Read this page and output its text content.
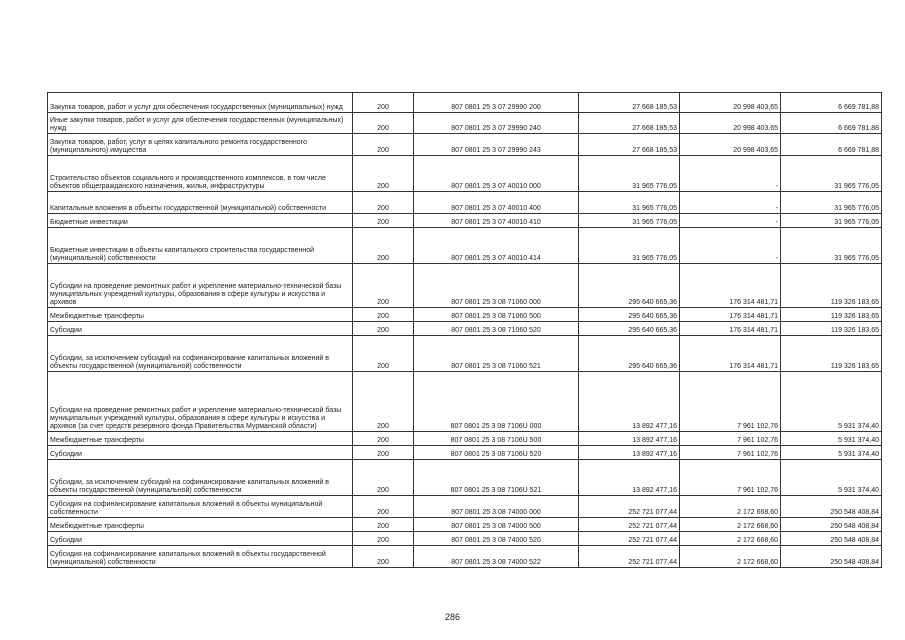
Закупка товаров, работ и услуг для обеспечения государственных (муниципальных) нужд	200	807 0801 25 3 07 29990 200	27 668 185,53	20 998 403,65	6 669 781,88
Иные закупки товаров, работ и услуг для обеспечения государственных (муниципальных) нужд	200	807 0801 25 3 07 29990 240	27 668 185,53	20 998 403,65	6 669 781,88
Закупка товаров, работ, услуг в целях капитального ремонта государственного (муниципального) имущества	200	807 0801 25 3 07 29990 243	27 668 185,53	20 998 403,65	6 669 781,88
Строительство объектов социального и производственного комплексов, в том числе объектов общегражданского назначения, жилья, инфраструктуры	200	807 0801 25 3 07 40010 000	31 965 776,05	-	31 965 776,05
Капитальные вложения в объекты государственной (муниципальной) собственности	200	807 0801 25 3 07 40010 400	31 965 776,05	-	31 965 776,05
Бюджетные инвестиции	200	807 0801 25 3 07 40010 410	31 965 776,05	-	31 965 776,05
Бюджетные инвестиции в объекты капитального строительства государственной (муниципальной) собственности	200	807 0801 25 3 07 40010 414	31 965 776,05	-	31 965 776,05
Субсидии на проведение ремонтных работ и укрепление материально-технической базы муниципальных учреждений культуры, образования в сфере культуры и искусства и архивов	200	807 0801 25 3 08 71060 000	295 640 665,36	176 314 481,71	119 326 183,65
Межбюджетные трансферты	200	807 0801 25 3 08 71060 500	295 640 665,36	176 314 481,71	119 326 183,65
Субсидии	200	807 0801 25 3 08 71060 520	295 640 665,36	176 314 481,71	119 326 183,65
Субсидии, за исключением субсидий на софинансирование капитальных вложений в объекты государственной (муниципальной) собственности	200	807 0801 25 3 08 71060 521	295 640 665,36	176 314 481,71	119 326 183,65
Субсидии на проведение ремонтных работ и укрепление материально-технической базы муниципальных учреждений культуры, образования в сфере культуры и искусства и архивов (за счет средств резервного фонда Правительства Мурманской области)	200	807 0801 25 3 08 7106U 000	13 892 477,16	7 961 102,76	5 931 374,40
Межбюджетные трансферты	200	807 0801 25 3 08 7106U 500	13 892 477,16	7 961 102,76	5 931 374,40
Субсидии	200	807 0801 25 3 08 7106U 520	13 892 477,16	7 961 102,76	5 931 374,40
Субсидии, за исключением субсидий на софинансирование капитальных вложений в объекты государственной (муниципальной) собственности	200	807 0801 25 3 08 7106U 521	13 892 477,16	7 961 102,76	5 931 374,40
Субсидия на софинансирование капитальных вложений в объекты муниципальной собственности	200	807 0801 25 3 08 74000 000	252 721 077,44	2 172 668,60	250 548 408,84
Межбюджетные трансферты	200	807 0801 25 3 08 74000 500	252 721 077,44	2 172 668,60	250 548 408,84
Субсидии	200	807 0801 25 3 08 74000 520	252 721 077,44	2 172 668,60	250 548 408,84
Субсидия на софинансирование капитальных вложений в объекты государственной (муниципальной) собственности	200	807 0801 25 3 08 74000 522	252 721 077,44	2 172 668,60	250 548 408,84
286
